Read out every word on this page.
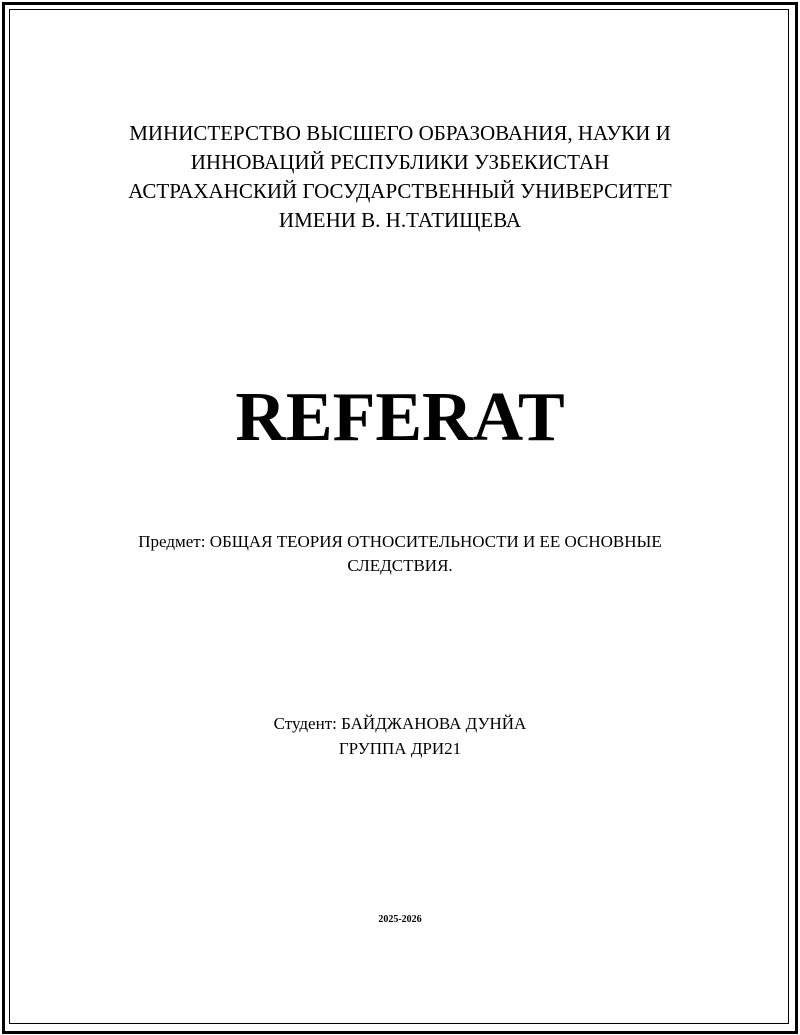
МИНИСТЕРСТВО ВЫСШЕГО ОБРАЗОВАНИЯ, НАУКИ И
ИННОВАЦИЙ РЕСПУБЛИКИ УЗБЕКИСТАН
АСТРАХАНСКИЙ ГОСУДАРСТВЕННЫЙ УНИВЕРСИТЕТ
ИМЕНИ В. Н.ТАТИЩЕВА
REFERAT
Предмет: ОБЩАЯ ТЕОРИЯ ОТНОСИТЕЛЬНОСТИ И ЕЕ ОСНОВНЫЕ
СЛЕДСТВИЯ.
Студент: БАЙДЖАНОВА ДУНЙА
ГРУППА ДРИ21
2025-2026
